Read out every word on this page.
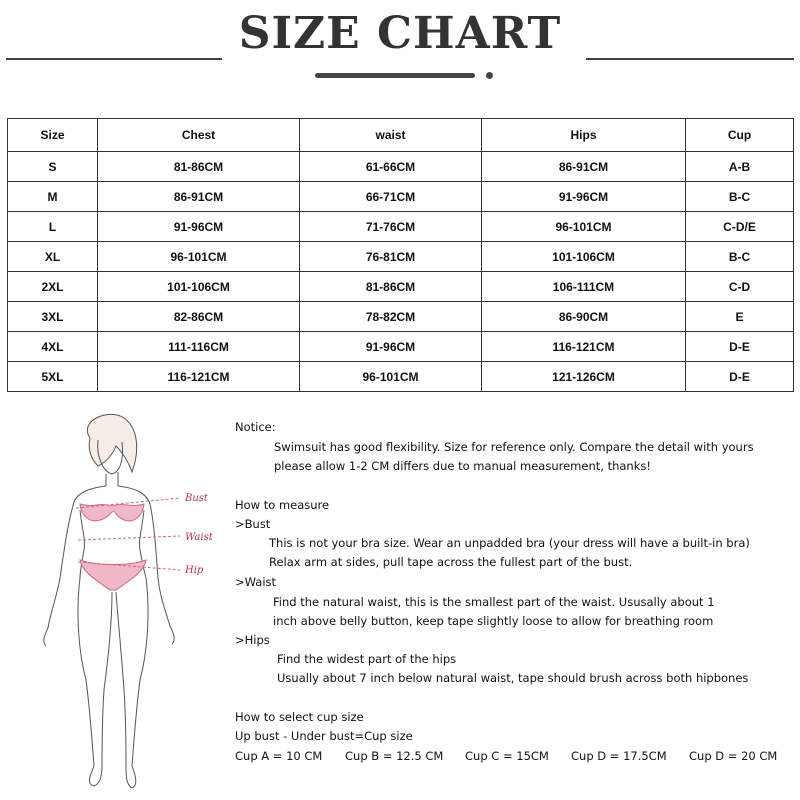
SIZE CHART
Size	Chest	waist	Hips	Cup
S	81-86CM	61-66CM	86-91CM	A-B
M	86-91CM	66-71CM	91-96CM	B-C
L	91-96CM	71-76CM	96-101CM	C-D/E
XL	96-101CM	76-81CM	101-106CM	B-C
2XL	101-106CM	81-86CM	106-111CM	C-D
3XL	82-86CM	78-82CM	86-90CM	E
4XL	111-116CM	91-96CM	116-121CM	D-E
5XL	116-121CM	96-101CM	121-126CM	D-E
Bust
Waist
Hip
Notice:
Swimsuit has good flexibility. Size for reference only. Compare the detail with yours
please allow 1-2 CM differs due to manual measurement, thanks!
How to measure
>Bust
This is not your bra size. Wear an unpadded bra (your dress will have a built-in bra)
Relax arm at sides, pull tape across the fullest part of the bust.
>Waist
Find the natural waist, this is the smallest part of the waist. Ususally about 1
inch above belly button, keep tape slightly loose to allow for breathing room
>Hips
Find the widest part of the hips
Usually about 7 inch below natural waist, tape should brush across both hipbones
How to select cup size
Up bust - Under bust=Cup size
Cup A = 10 CM Cup B = 12.5 CM Cup C = 15CM Cup D = 17.5CM Cup D = 20 CM
